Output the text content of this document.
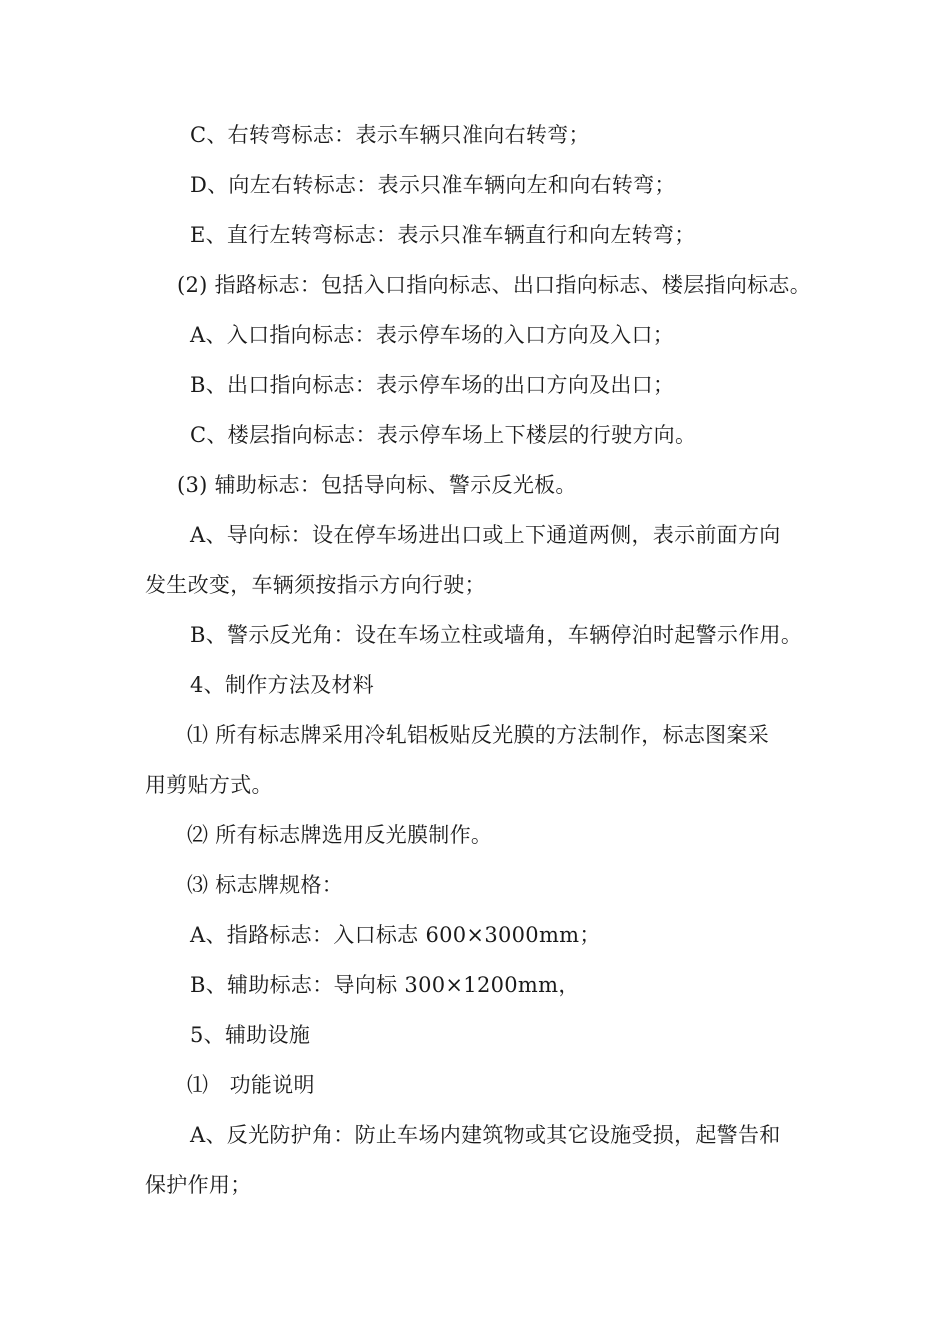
C、右转弯标志：表示车辆只准向右转弯；
D、向左右转标志：表示只准车辆向左和向右转弯；
E、直行左转弯标志：表示只准车辆直行和向左转弯；
(2) 指路标志：包括入口指向标志、出口指向标志、楼层指向标志。
A、入口指向标志：表示停车场的入口方向及入口；
B、出口指向标志：表示停车场的出口方向及出口；
C、楼层指向标志：表示停车场上下楼层的行驶方向。
(3) 辅助标志：包括导向标、警示反光板。
A、导向标：设在停车场进出口或上下通道两侧，表示前面方向
发生改变，车辆须按指示方向行驶；
B、警示反光角：设在车场立柱或墙角，车辆停泊时起警示作用。
4、制作方法及材料
⑴ 所有标志牌采用冷轧铝板贴反光膜的方法制作，标志图案采
用剪贴方式。
⑵ 所有标志牌选用反光膜制作。
⑶ 标志牌规格：
A、指路标志：入口标志 600×3000mm；
B、辅助标志：导向标 300×1200mm，
5、辅助设施
⑴　功能说明
A、反光防护角：防止车场内建筑物或其它设施受损，起警告和
保护作用；
